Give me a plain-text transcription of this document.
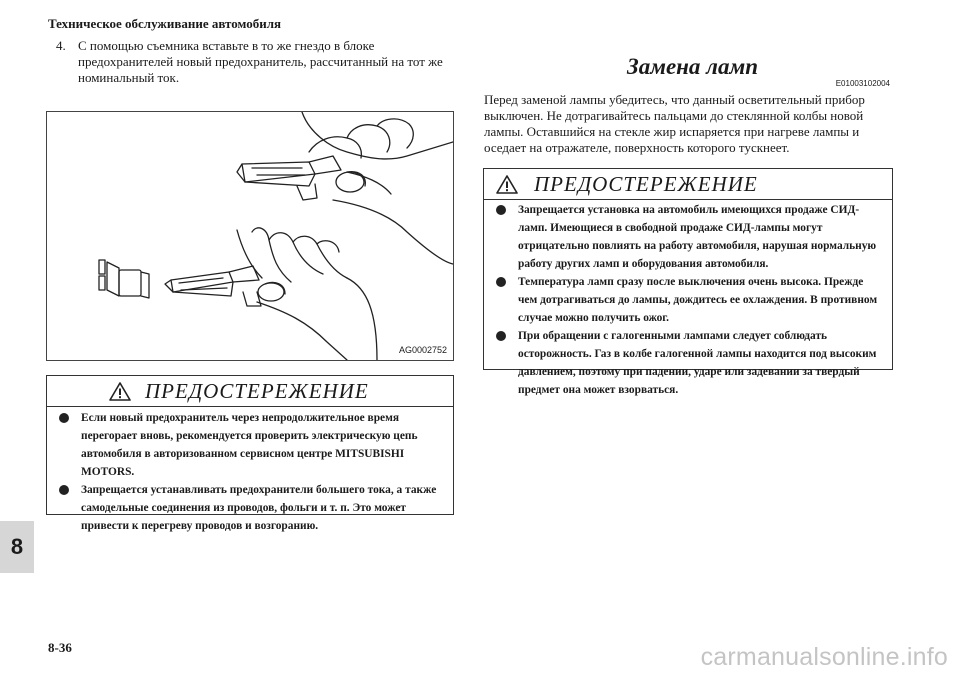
Техническое обслуживание автомобиля
4. С помощью съемника вставьте в то же гнездо в блоке предохранителей новый предохранитель, рассчитанный на тот же номинальный ток.
AG0002752
ПРЕДОСТЕРЕЖЕНИЕ
Если новый предохранитель через непродолжительное время перегорает вновь, рекомендуется проверить электрическую цепь автомобиля в авторизованном сервисном центре MITSUBISHI MOTORS.
Запрещается устанавливать предохранители большего тока, а также самодельные соединения из проводов, фольги и т. п. Это может привести к перегреву проводов и возгоранию.
Замена ламп
E01003102004
Перед заменой лампы убедитесь, что данный осветительный прибор выключен. Не дотрагивайтесь пальцами до стеклянной колбы новой лампы. Оставшийся на стекле жир испаряется при нагреве лампы и оседает на отражателе, поверхность которого тускнеет.
ПРЕДОСТЕРЕЖЕНИЕ
Запрещается установка на автомобиль имеющихся продаже СИД-ламп. Имеющиеся в свободной продаже СИД-лампы могут отрицательно повлиять на работу автомобиля, нарушая нормальную работу других ламп и оборудования автомобиля.
Температура ламп сразу после выключения очень высока. Прежде чем дотрагиваться до лампы, дождитесь ее охлаждения. В противном случае можно получить ожог.
При обращении с галогенными лампами следует соблюдать осторожность. Газ в колбе галогенной лампы находится под высоким давлением, поэтому при падении, ударе или задевании за твердый предмет она может взорваться.
8
8-36	carmanualsonline.info
